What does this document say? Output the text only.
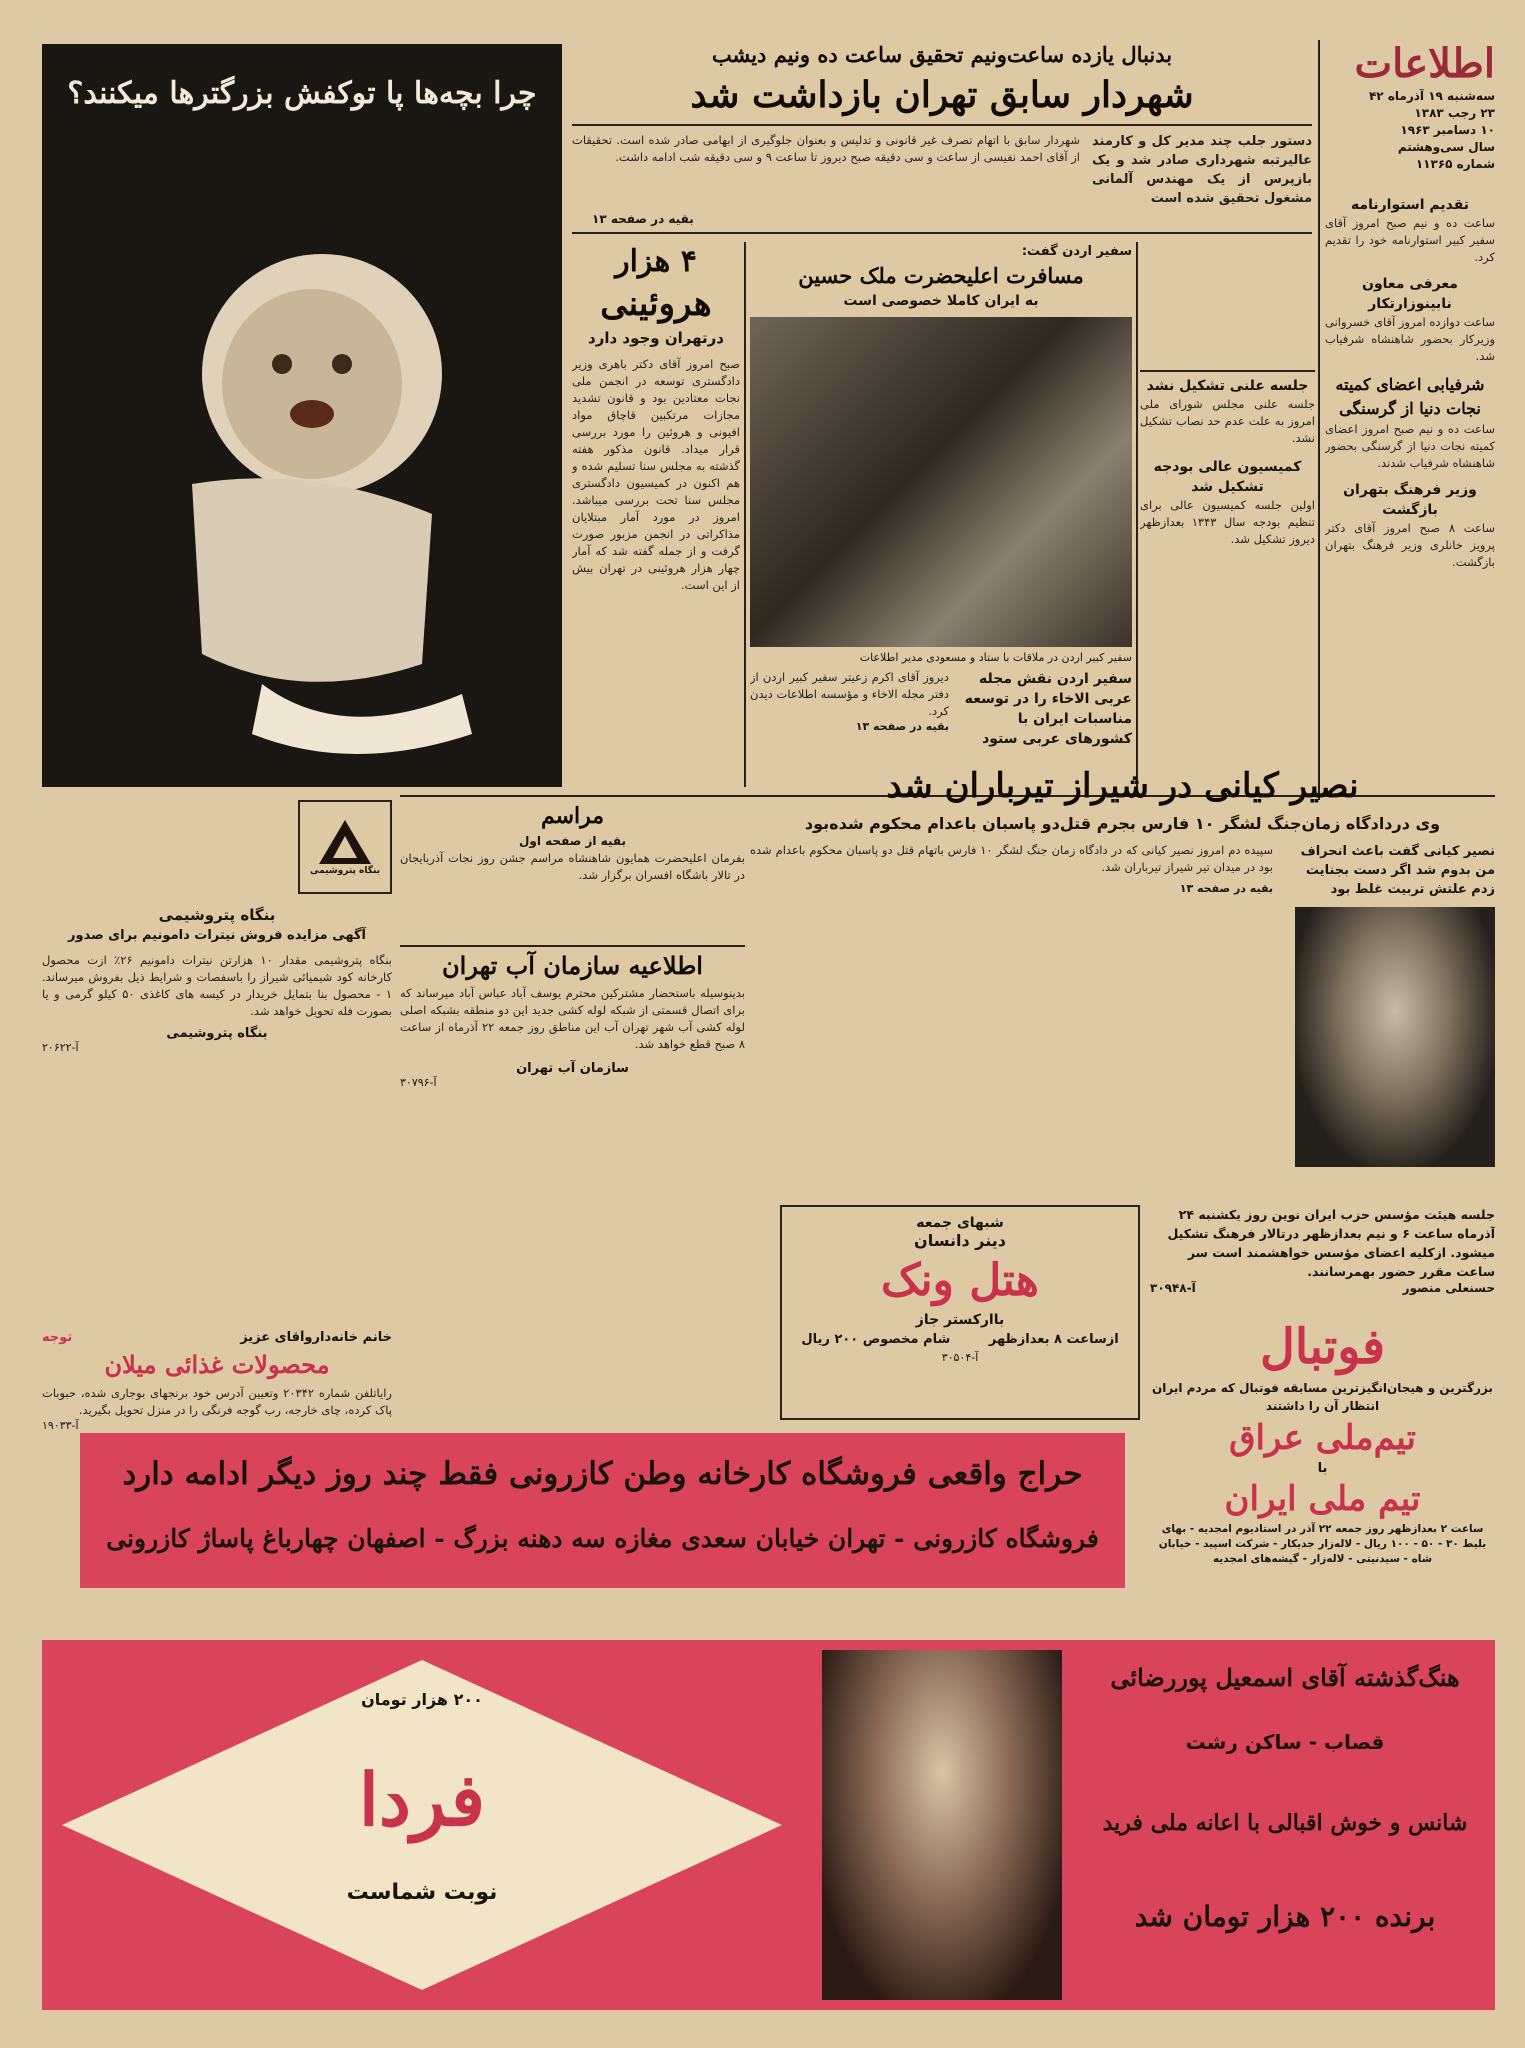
اطلاعات
سه‌شنبه ۱۹ آذرماه ۴۲
۲۳ رجب ۱۳۸۳
۱۰ دسامبر ۱۹۶۳
سال سی‌وهشتم
شماره ۱۱۳۶۵
بدنبال یازده ساعت‌ونیم تحقیق ساعت ده ونیم دیشب
شهردار سابق تهران بازداشت شد
دستور جلب چند مدیر کل و کارمند عالیرتبه شهرداری صادر شد و یک بازپرس از یک مهندس آلمانی مشغول تحقیق شده است
شهردار سابق با اتهام تصرف غیر قانونی و تدلیس و بعنوان جلوگیری از ابهامی صادر شده است. تحقیقات از آقای احمد نفیسی از ساعت و سی دقیقه صبح دیروز تا ساعت ۹ و سی دقیقه شب ادامه داشت.
بقیه در صفحه ۱۳
چرا بچه‌ها پا توکفش بزرگترها میکنند؟
۴ هزار
هروئینی
درتهران وجود دارد
صبح امروز آقای دکتر باهری وزیر دادگستری توسعه در انجمن ملی نجات معتادین بود و قانون تشدید مجازات مرتکبین قاچاق مواد افیونی و هروئین را مورد بررسی قرار میداد. قانون مذکور هفته گذشته به مجلس سنا تسلیم شده و هم اکنون در کمیسیون دادگستری مجلس سنا تحت بررسی میباشد. امروز در مورد آمار مبتلایان مذاکراتی در انجمن مزبور صورت گرفت و از جمله گفته شد که آمار چهار هزار هروئینی در تهران بیش از این است.
سفیر اردن گفت:
مسافرت اعلیحضرت ملک حسین
به ایران کاملا خصوصی است
سفیر کبیر اردن در ملاقات با ستاد و مسعودی مدیر اطلاعات
سفیر اردن نقش مجله عربی الاخاء را در توسعه مناسبات ایران با کشورهای عربی ستود
دیروز آقای اکرم زعیتر سفیر کبیر اردن از دفتر مجله الاخاء و مؤسسه اطلاعات دیدن کرد.
بقیه در صفحه ۱۳
جلسه علنی تشکیل نشد
جلسه علنی مجلس شورای ملی امروز به علت عدم حد نصاب تشکیل نشد.
کمیسیون عالی بودجه تشکیل شد
اولین جلسه کمیسیون عالی برای تنظیم بودجه سال ۱۳۴۳ بعدازظهر دیروز تشکیل شد.
تقدیم استوارنامه
ساعت ده و نیم صبح امروز آقای سفیر کبیر استوارنامه خود را تقدیم کرد.
معرفی معاون نابینوزارتکار
ساعت دوازده امروز آقای خسروانی وزیرکار بحضور شاهنشاه شرفیاب شد.
شرفیابی اعضای کمیته نجات دنیا از گرسنگی
ساعت ده و نیم صبح امروز اعضای کمیته نجات دنیا از گرسنگی بحضور شاهنشاه شرفیاب شدند.
وزیر فرهنگ بتهران بازگشت
ساعت ۸ صبح امروز آقای دکتر پرویز خانلری وزیر فرهنگ بتهران بازگشت.
نصیر کیانی در شیراز تیرباران شد
وی دردادگاه زمان‌جنگ لشگر ۱۰ فارس بجرم قتل‌دو پاسبان باعدام محکوم شده‌بود
نصیر کیانی گفت باعث انحراف من بدوم شد اگر دست بجنایت زدم علتش تربیت غلط بود
سپیده دم امروز نصیر کیانی که در دادگاه زمان جنگ لشگر ۱۰ فارس باتهام قتل دو پاسبان محکوم باعدام شده بود در میدان تیر شیراز تیرباران شد.
بقیه در صفحه ۱۳
مراسم
بقیه از صفحه اول
بفرمان اعلیحضرت همایون شاهنشاه مراسم جشن روز نجات آذربایجان در تالار باشگاه افسران برگزار شد.
بنگاه پتروشیمی
بنگاه پتروشیمی
آگهی مزایده فروش نیترات دامونیم برای صدور
بنگاه پتروشیمی مقدار ۱۰ هزارتن نیترات دامونیم ۲۶٪ ازت محصول کارخانه کود شیمیائی شیراز را باسفصات و شرایط ذیل بفروش میرساند. ۱ - محصول بنا بتمایل خریدار در کیسه های کاغذی ۵۰ کیلو گرمی و یا بصورت فله تحویل خواهد شد.
بنگاه پتروشیمی
آ-۲۰۶۲۲
اطلاعیه سازمان آب تهران
بدینوسیله باستحضار مشترکین محترم یوسف آباد عباس آباد میرساند که برای اتصال قسمتی از شبکه لوله کشی جدید این دو منطقه بشبکه اصلی لوله کشی آب شهر تهران آب این مناطق روز جمعه ۲۲ آذرماه از ساعت ۸ صبح قطع خواهد شد.
سازمان آب تهران
آ-۳۰۷۹۶
خانم خانه‌داروآقای عزیز
توجه
محصولات غذائی میلان
رایاتلفن شماره ۲۰۳۴۲ وتعیین آدرس خود برنجهای بوجاری شده، حبوبات پاک کرده، چای خارجه، رب گوجه فرنگی را در منزل تحویل بگیرید.
آ-۱۹۰۳۳
شبهای جمعه
دینر دانسان
هتل ونک
باارکستر جاز
ازساعت ۸ بعدازظهر
شام مخصوص ۲۰۰ ریال
آ-۳۰۵۰۴
جلسه هیئت مؤسس حزب ایران نوین روز یکشنبه ۲۴ آذرماه ساعت ۶ و نیم بعدازظهر درتالار فرهنگ تشکیل میشود. ازکلیه اعضای مؤسس خواهشمند است سر ساعت مقرر حضور بهمرسانند.
حسنعلی منصور
آ-۳۰۹۴۸
فوتبال
بزرگترین و هیجان‌انگیزترین مسابقه فوتبال که مردم ایران انتظار آن را داشتند
تیم‌ملی عراق
با
تیم ملی ایران
ساعت ۲ بعدازظهر روز جمعه ۲۲ آذر در استادیوم امجدیه - بهای بلیط ۳۰ - ۵۰ - ۱۰۰ ریال - لاله‌زار جدیکار - شرکت اسپید - خیابان شاه - سیدنیتی - لاله‌زار - گیشه‌های امجدیه
حراج واقعی فروشگاه کارخانه وطن کازرونی فقط چند روز دیگر ادامه دارد
فروشگاه کازرونی - تهران خیابان سعدی مغازه سه دهنه بزرگ - اصفهان چهارباغ پاساژ کازرونی
۲۰۰ هزار تومان
فردا
نوبت شماست
هنگ‌گذشته آقای اسمعیل پوررضائی
قصاب - ساکن رشت
شانس و خوش اقبالی با اعانه ملی فرید
برنده ۲۰۰ هزار تومان شد
